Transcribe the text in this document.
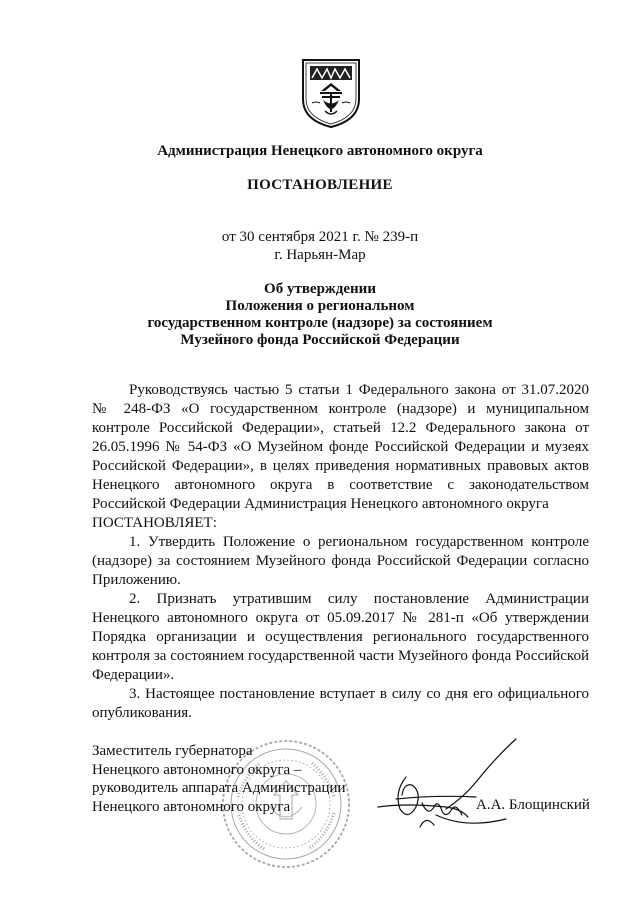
Администрация Ненецкого автономного округа
ПОСТАНОВЛЕНИЕ
от 30 сентября 2021 г. № 239-п
г. Нарьян-Мар
Об утверждении
Положения о региональном
государственном контроле (надзоре) за состоянием
Музейного фонда Российской Федерации

Руководствуясь частью 5 статьи 1 Федерального закона от 31.07.2020 № 248-ФЗ «О государственном контроле (надзоре) и муниципальном контроле Российской Федерации», статьей 12.2 Федерального закона от 26.05.1996 № 54-ФЗ «О Музейном фонде Российской Федерации и музеях Российской Федерации», в целях приведения нормативных правовых актов Ненецкого автономного округа в соответствие с законодательством Российской Федерации Администрация Ненецкого автономного округа

ПОСТАНОВЛЯЕТ:

1. Утвердить Положение о региональном государственном контроле (надзоре) за состоянием Музейного фонда Российской Федерации согласно Приложению.

2. Признать утратившим силу постановление Администрации Ненецкого автономного округа от 05.09.2017 № 281-п «Об утверждении Порядка организации и осуществления регионального государственного контроля за состоянием государственной части Музейного фонда Российской Федерации».

3. Настоящее постановление вступает в силу со дня его официального опубликования.

Заместитель губернатора
Ненецкого автономного округа –
руководитель аппарата Администрации
Ненецкого автономного округа	А.А. Блощинский
